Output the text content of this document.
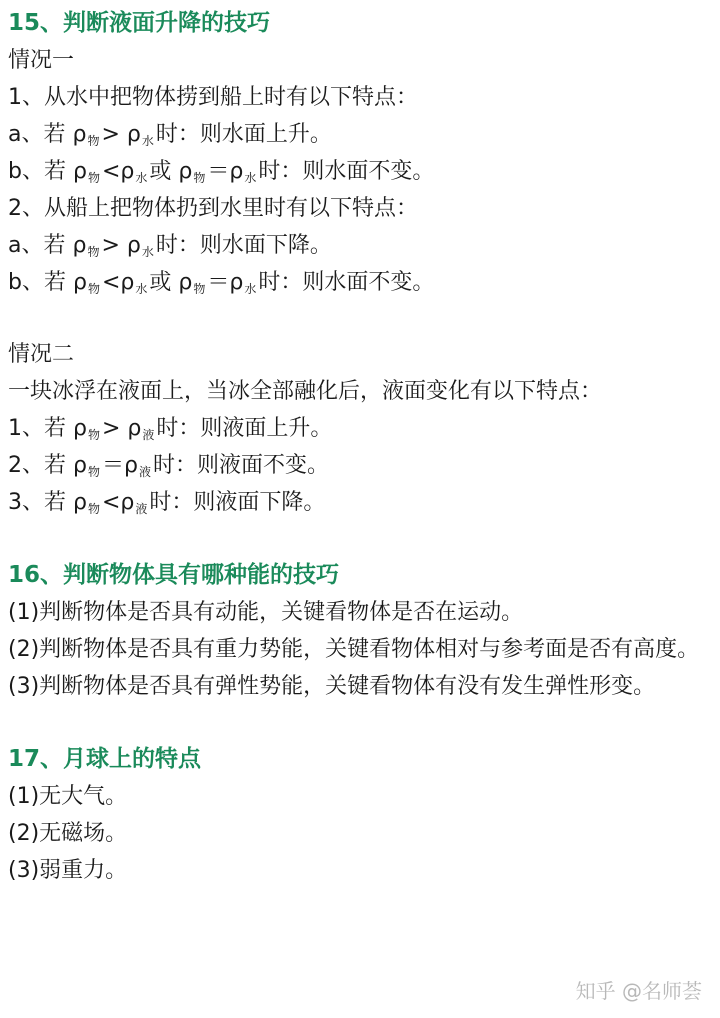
15、判断液面升降的技巧
情况一
1、从水中把物体捞到船上时有以下特点：
a、若 ρ物> ρ水时：则水面上升。
b、若 ρ物<ρ水或 ρ物＝ρ水时：则水面不变。
2、从船上把物体扔到水里时有以下特点：
a、若 ρ物> ρ水时：则水面下降。
b、若 ρ物<ρ水或 ρ物＝ρ水时：则水面不变。
情况二
一块冰浮在液面上，当冰全部融化后，液面变化有以下特点：
1、若 ρ物> ρ液时：则液面上升。
2、若 ρ物＝ρ液时：则液面不变。
3、若 ρ物<ρ液时：则液面下降。
16、判断物体具有哪种能的技巧
(1)判断物体是否具有动能，关键看物体是否在运动。
(2)判断物体是否具有重力势能，关键看物体相对与参考面是否有高度。
(3)判断物体是否具有弹性势能，关键看物体有没有发生弹性形变。
17、月球上的特点
(1)无大气。
(2)无磁场。
(3)弱重力。
知乎 @名师荟
